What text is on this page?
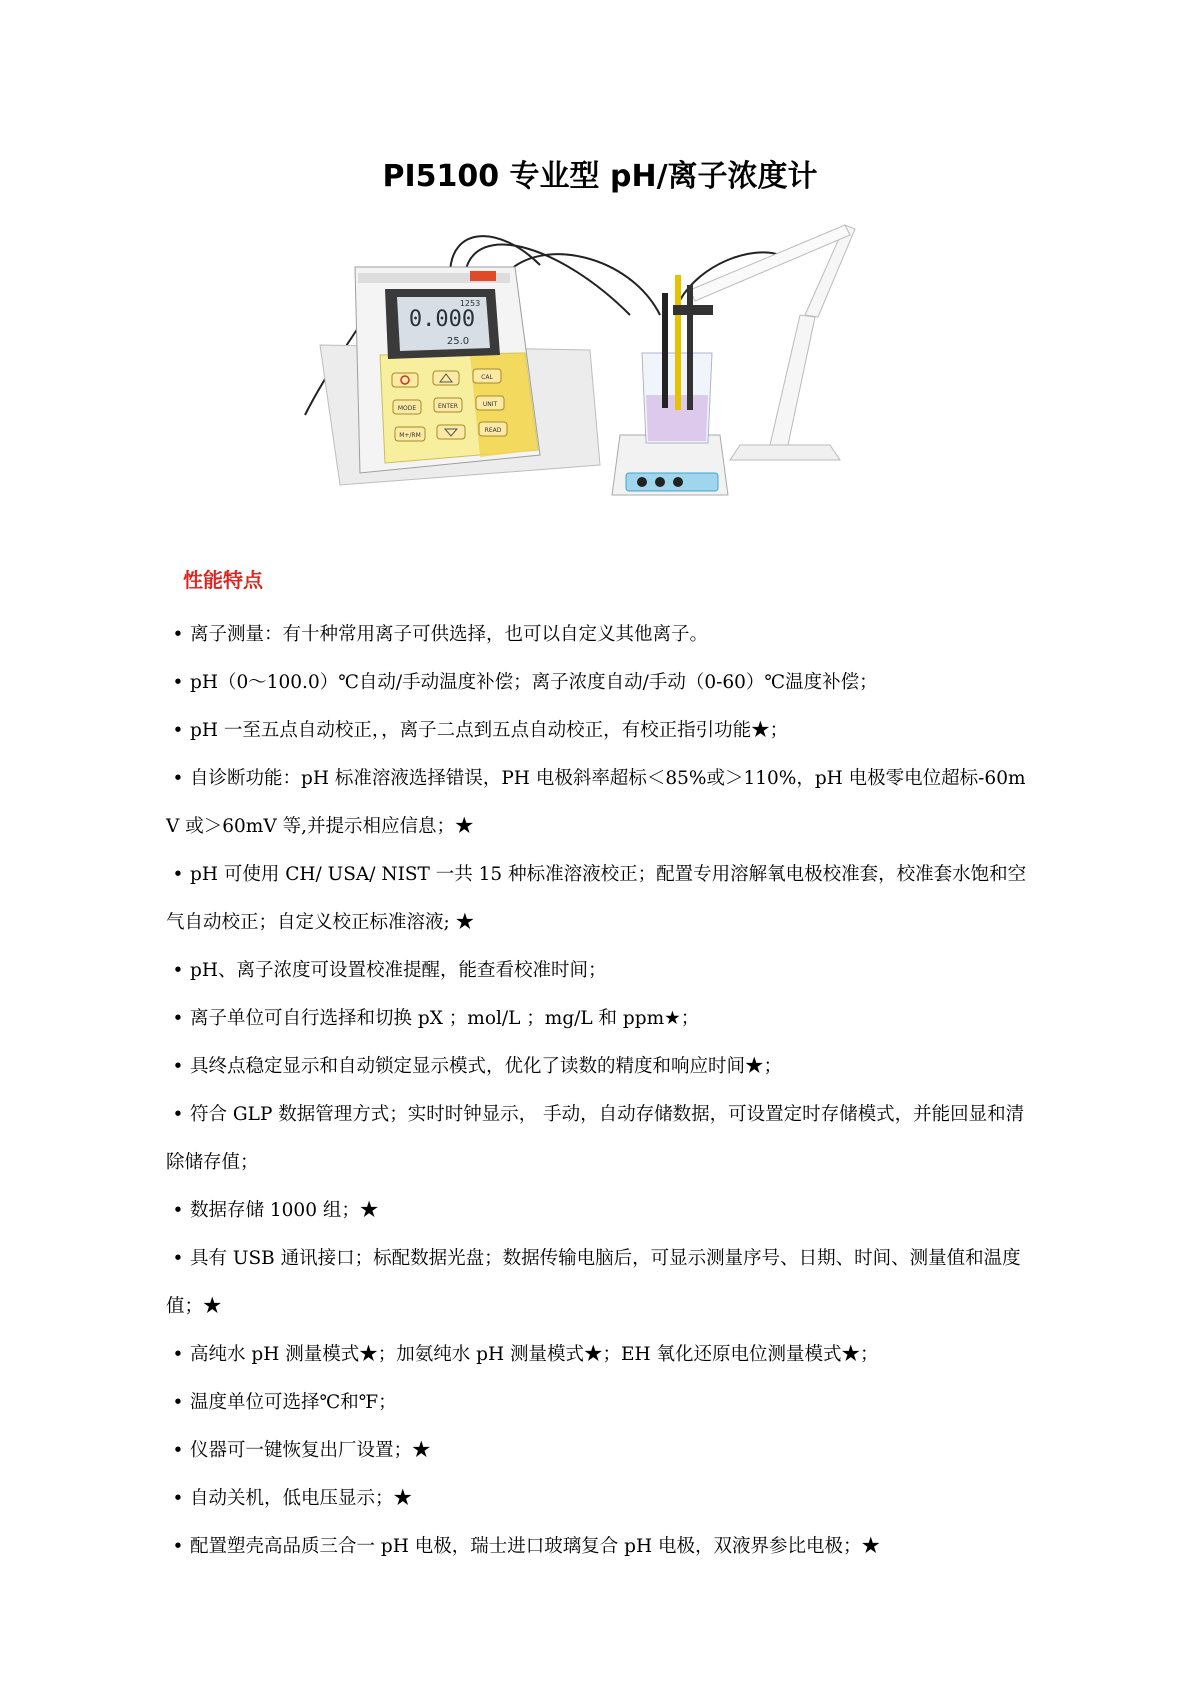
PI5100 专业型 pH/离子浓度计
0.000
1253
25.0
CAL
MODE	ENTER	UNIT
M+/RM
READ
性能特点
• 离子测量：有十种常用离子可供选择，也可以自定义其他离子。
• pH（0～100.0）℃自动/手动温度补偿；离子浓度自动/手动（0-60）℃温度补偿；
• pH 一至五点自动校正，，离子二点到五点自动校正，有校正指引功能★；
• 自诊断功能：pH 标准溶液选择错误，PH 电极斜率超标＜85%或＞110%，pH 电极零电位超标-60mV 或＞60mV 等,并提示相应信息；★
• pH 可使用 CH/ USA/ NIST 一共 15 种标准溶液校正；配置专用溶解氧电极校准套，校准套水饱和空气自动校正；自定义校正标准溶液; ★
• pH、离子浓度可设置校准提醒，能查看校准时间；
• 离子单位可自行选择和切换 pX ；mol/L ；mg/L 和 ppm★；
• 具终点稳定显示和自动锁定显示模式，优化了读数的精度和响应时间★；
• 符合 GLP 数据管理方式；实时时钟显示， 手动，自动存储数据，可设置定时存储模式，并能回显和清除储存值；
• 数据存储 1000 组；★
• 具有 USB 通讯接口；标配数据光盘；数据传输电脑后，可显示测量序号、日期、时间、测量值和温度值；★
• 高纯水 pH 测量模式★；加氨纯水 pH 测量模式★；EH 氧化还原电位测量模式★；
• 温度单位可选择℃和℉；
• 仪器可一键恢复出厂设置；★
• 自动关机，低电压显示；★
• 配置塑壳高品质三合一 pH 电极，瑞士进口玻璃复合 pH 电极，双液界参比电极；★
